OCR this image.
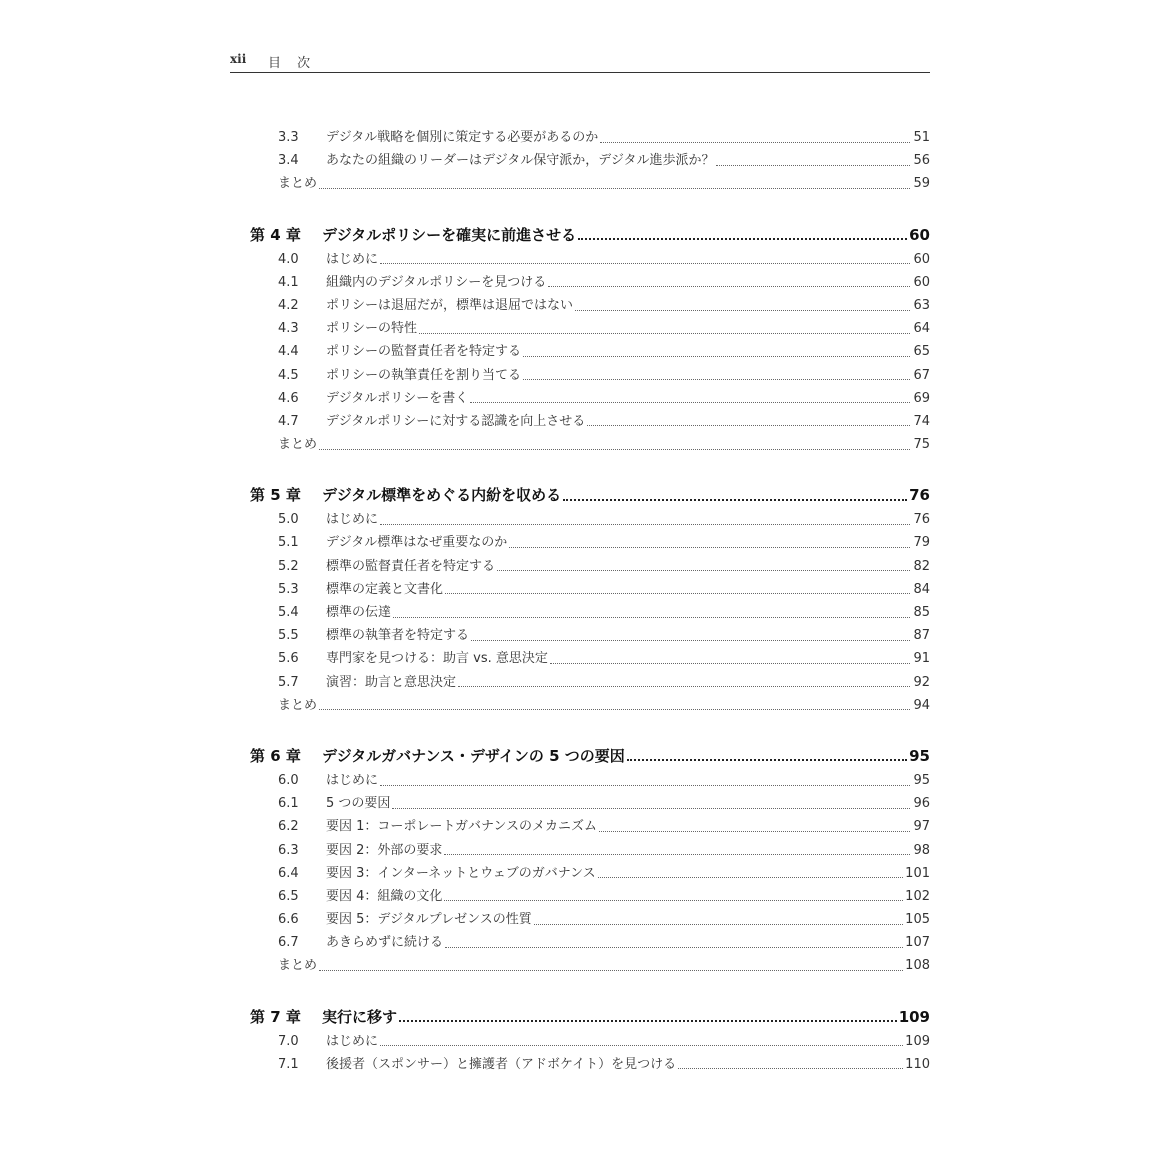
xii 目 次
3.3	デジタル戦略を個別に策定する必要があるのか	51
3.4	あなたの組織のリーダーはデジタル保守派か，デジタル進歩派か？	56
まとめ	59
第 4 章	デジタルポリシーを確実に前進させる	60
4.0	はじめに	60
4.1	組織内のデジタルポリシーを見つける	60
4.2	ポリシーは退屈だが，標準は退屈ではない	63
4.3	ポリシーの特性	64
4.4	ポリシーの監督責任者を特定する	65
4.5	ポリシーの執筆責任を割り当てる	67
4.6	デジタルポリシーを書く	69
4.7	デジタルポリシーに対する認識を向上させる	74
まとめ	75
第 5 章	デジタル標準をめぐる内紛を収める	76
5.0	はじめに	76
5.1	デジタル標準はなぜ重要なのか	79
5.2	標準の監督責任者を特定する	82
5.3	標準の定義と文書化	84
5.4	標準の伝達	85
5.5	標準の執筆者を特定する	87
5.6	専門家を見つける：助言 vs. 意思決定	91
5.7	演習：助言と意思決定	92
まとめ	94
第 6 章	デジタルガバナンス・デザインの 5 つの要因	95
6.0	はじめに	95
6.1	5 つの要因	96
6.2	要因 1：コーポレートガバナンスのメカニズム	97
6.3	要因 2：外部の要求	98
6.4	要因 3：インターネットとウェブのガバナンス	101
6.5	要因 4：組織の文化	102
6.6	要因 5：デジタルプレゼンスの性質	105
6.7	あきらめずに続ける	107
まとめ	108
第 7 章	実行に移す	109
7.0	はじめに	109
7.1	後援者（スポンサー）と擁護者（アドボケイト）を見つける	110
